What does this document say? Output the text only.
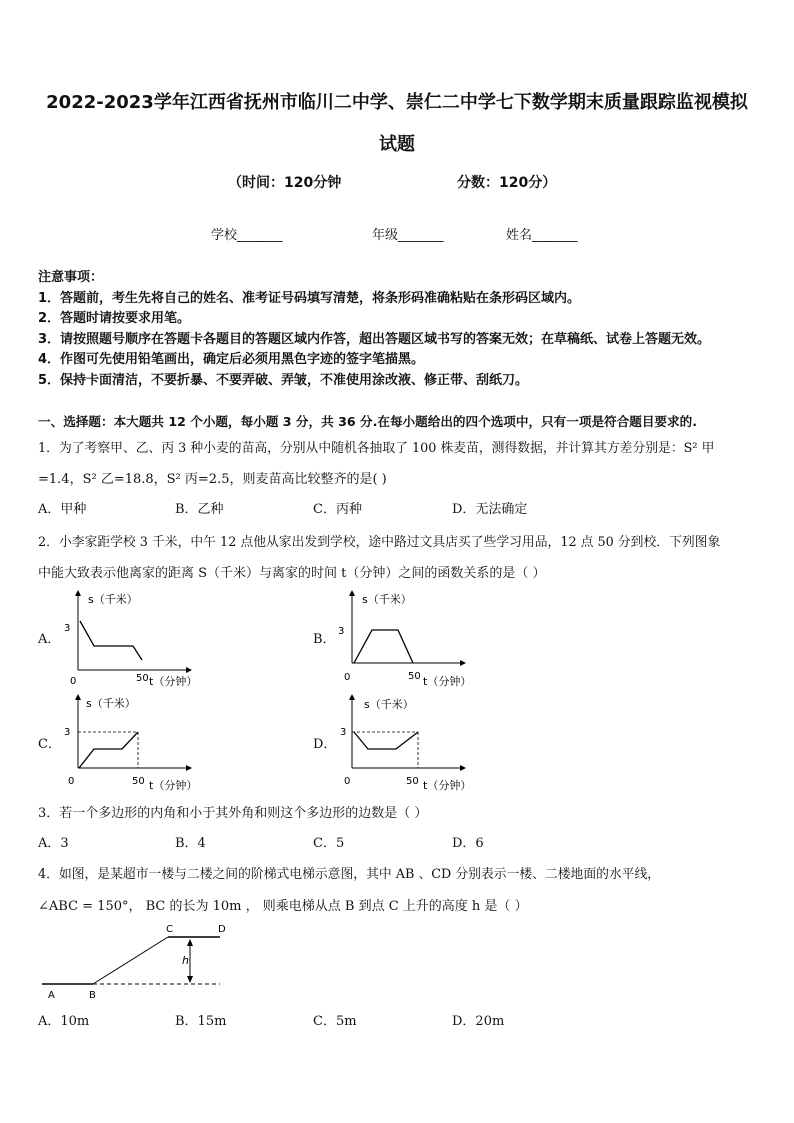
2022-2023学年江西省抚州市临川二中学、崇仁二中学七下数学期末质量跟踪监视模拟
试题
（时间：120分钟	分数：120分）
学校_______	年级_______	姓名_______
注意事项：
1．答题前，考生先将自己的姓名、准考证号码填写清楚，将条形码准确粘贴在条形码区域内。
2．答题时请按要求用笔。
3．请按照题号顺序在答题卡各题目的答题区域内作答，超出答题区域书写的答案无效；在草稿纸、试卷上答题无效。
4．作图可先使用铅笔画出，确定后必须用黑色字迹的签字笔描黑。
5．保持卡面清洁，不要折暴、不要弄破、弄皱，不准使用涂改液、修正带、刮纸刀。
一、选择题：本大题共 12 个小题，每小题 3 分，共 36 分.在每小题给出的四个选项中，只有一项是符合题目要求的.
1．为了考察甲、乙、丙 3 种小麦的苗高，分别从中随机各抽取了 100 株麦苗，测得数据，并计算其方差分别是：S² 甲
=1.4，S² 乙=18.8，S² 丙=2.5，则麦苗高比较整齐的是( )
A．甲种	B．乙种	C．丙种	D．无法确定
2．小李家距学校 3 千米，中午 12 点他从家出发到学校，途中路过文具店买了些学习用品，12 点 50 分到校．下列图象
中能大致表示他离家的距离 S（千米）与离家的时间 t（分钟）之间的函数关系的是（ ）
A．	B．
C．	D．
s（千米）
3
0	50 t（分钟）
s（千米）
3
0	50 t（分钟）
s（千米）
3
0	50 t（分钟）
s（千米）
3
0	50 t（分钟）
3．若一个多边形的内角和小于其外角和则这个多边形的边数是（ ）
A．3	B．4	C．5	D．6
4．如图，是某超市一楼与二楼之间的阶梯式电梯示意图，其中 AB 、CD 分别表示一楼、二楼地面的水平线，
∠ABC = 150°， BC 的长为 10m ， 则乘电梯从点 B 到点 C 上升的高度 h 是（ ）
A	B
C	D
h
A．10m	B．15m	C．5m	D．20m
